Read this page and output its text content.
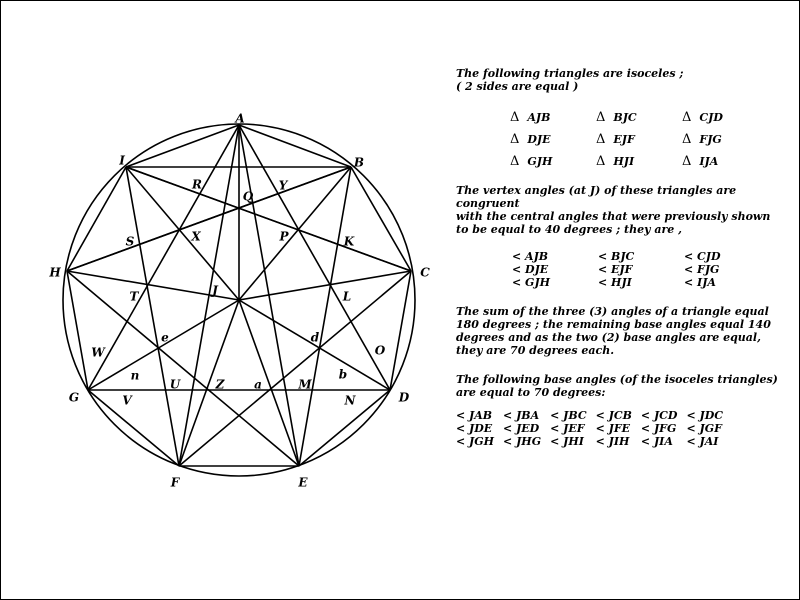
A
B
C
D
E
F
G
H
I
J
R
Q
Y
S	X	P	K
T	L
e	d
W	O
n	b
U	Z a	M
V	N

The following triangles are isoceles ;
( 2 sides are equal )

Δ AJB	Δ BJC	Δ CJD
Δ DJE	Δ EJF	Δ FJG
Δ GJH	Δ HJI	Δ IJA

The vertex angles (at J) of these triangles are congruent
with the central angles that were previously shown
to be equal to 40 degrees ; they are ,

< AJB	< BJC	< CJD
< DJE	< EJF	< FJG
< GJH	< HJI	< IJA

The sum of the three (3) angles of a triangle equal
180 degrees ; the remaining base angles equal 140
degrees and as the two (2) base angles are equal,
they are 70 degrees each.

The following base angles (of the isoceles triangles)
are equal to 70 degrees:

< JAB < JBA < JBC < JCB < JCD < JDC
< JDE < JED < JEF < JFE < JFG < JGF
< JGH < JHG < JHI < JIH < JIA	< JAI
